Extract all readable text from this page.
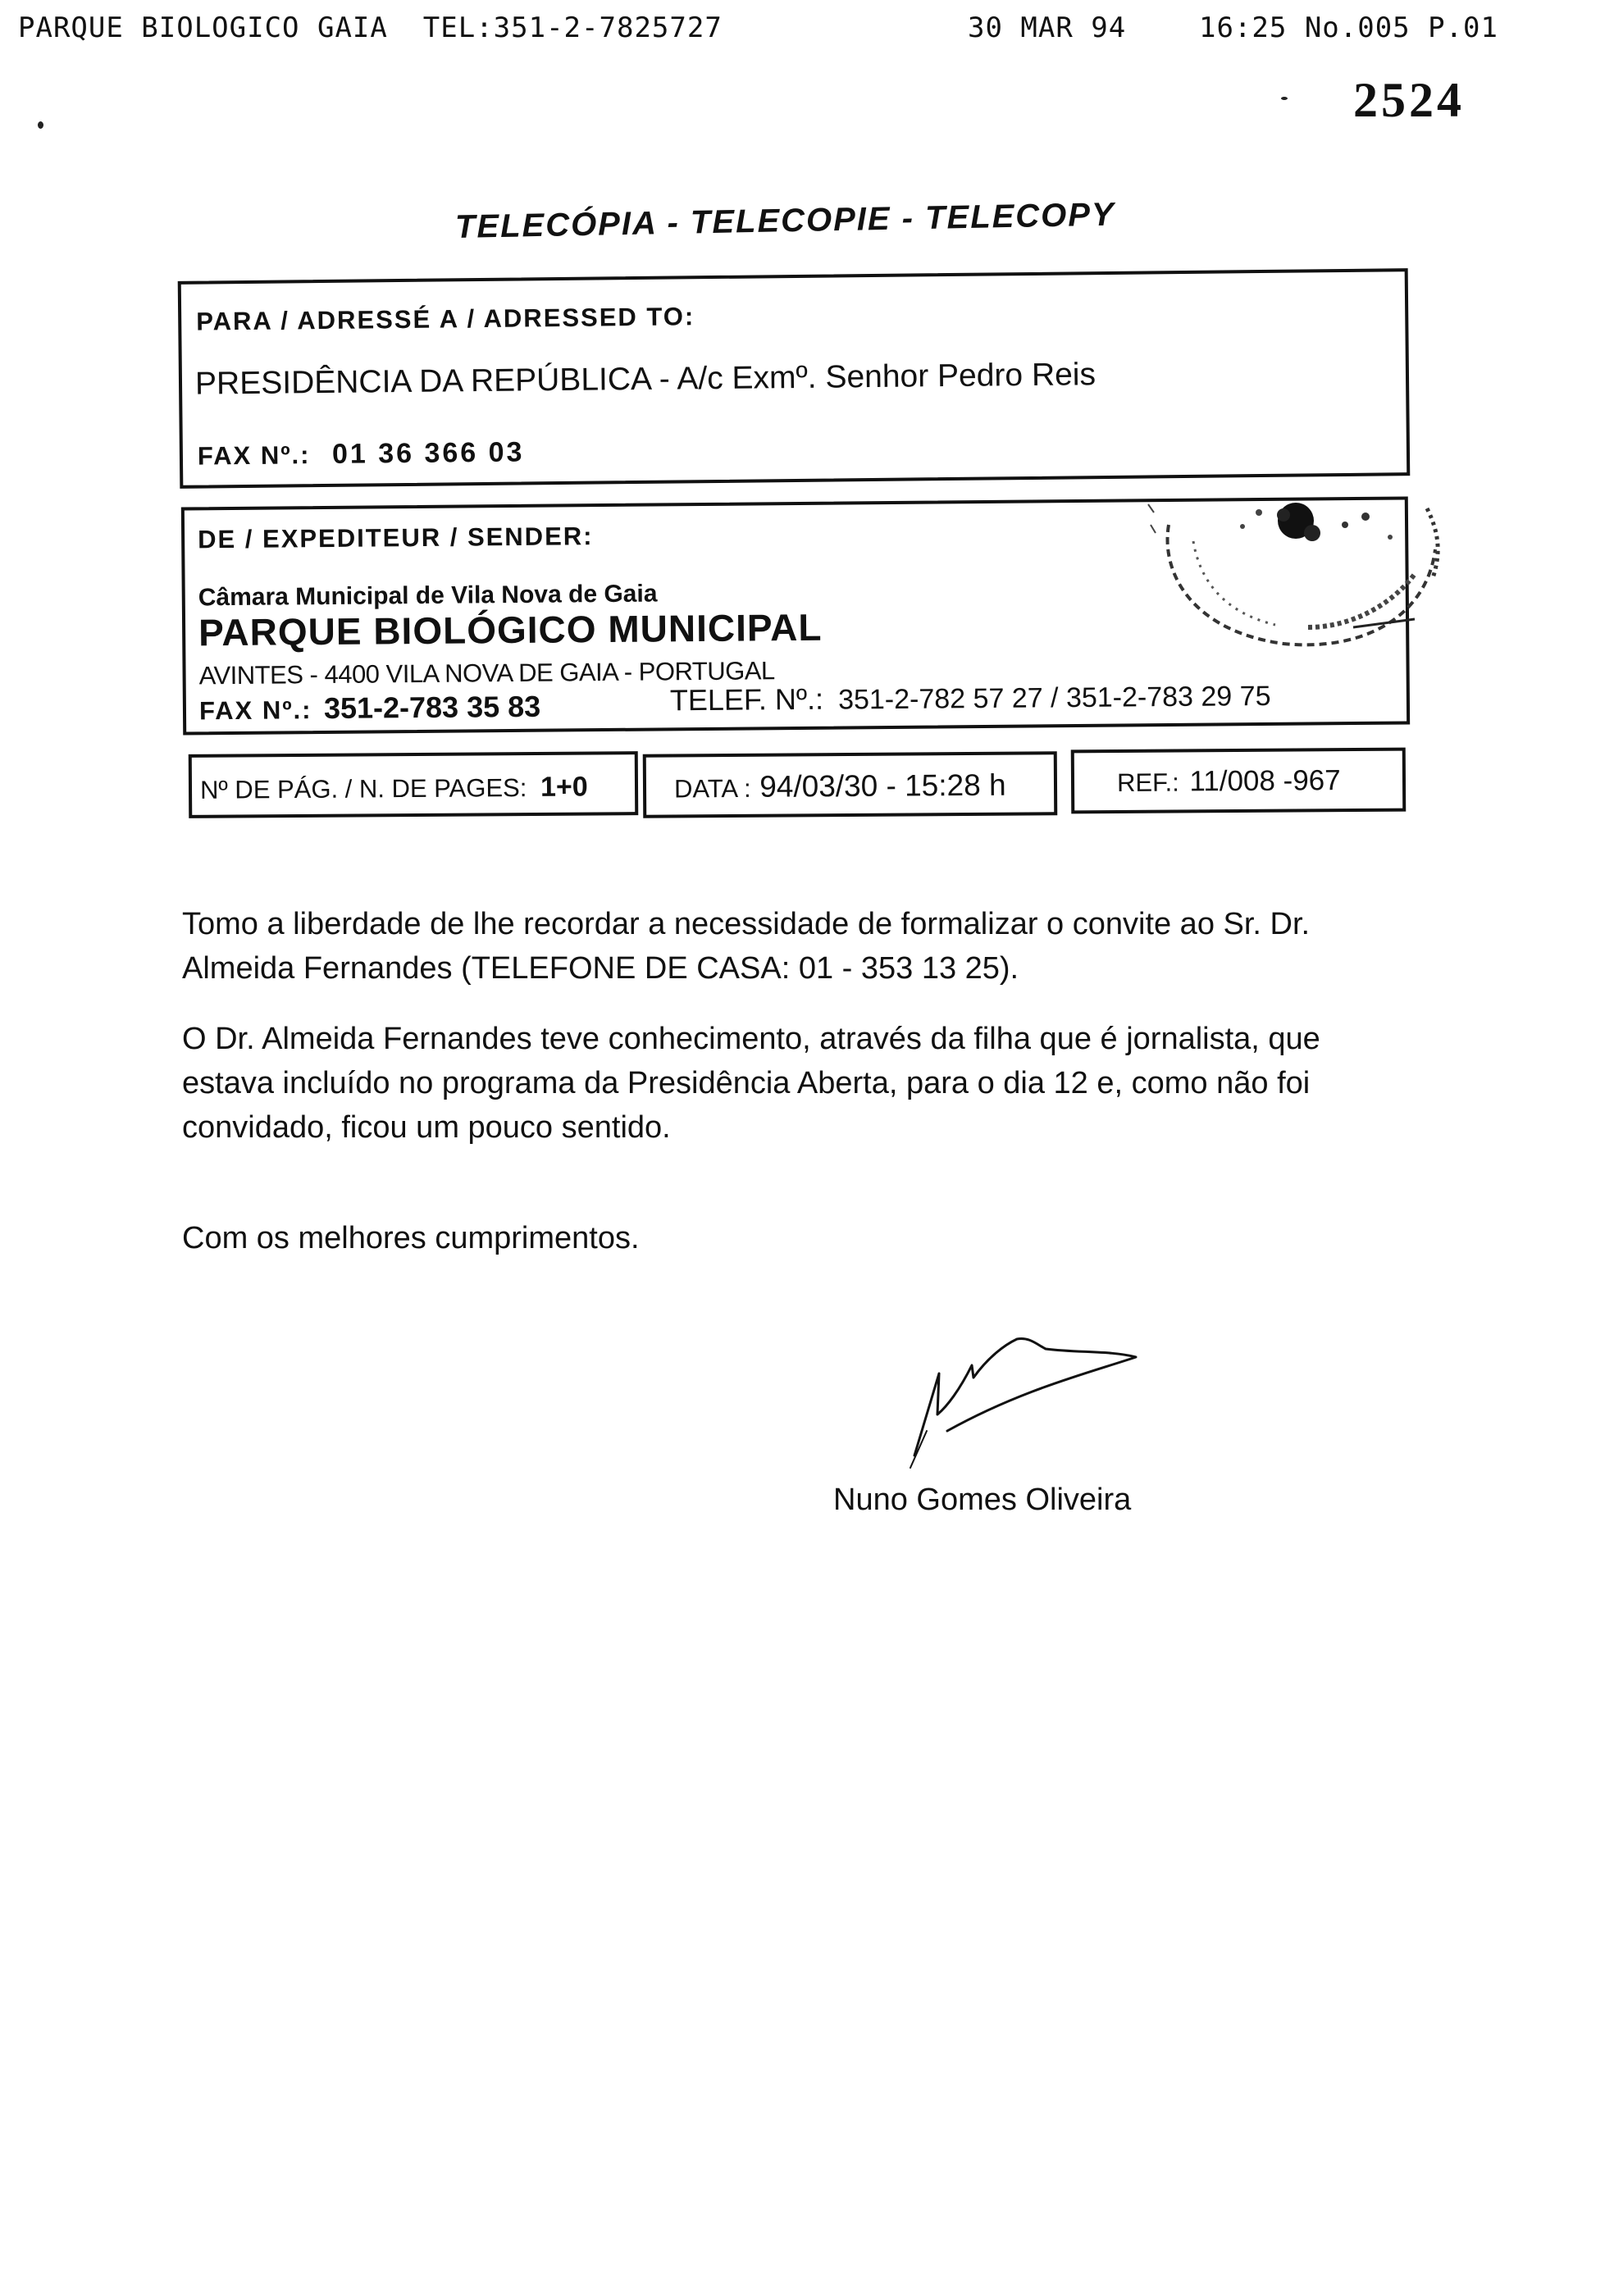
PARQUE BIOLOGICO GAIA  TEL:351-2-7825727	30 MAR 94	16:25 No.005 P.01
2524
TELECÓPIA - TELECOPIE - TELECOPY
PARA / ADRESSÉ A / ADRESSED TO:
PRESIDÊNCIA DA REPÚBLICA - A/c Exmº. Senhor Pedro Reis
FAX Nº.: 01 36 366 03
DE / EXPEDITEUR / SENDER:
Câmara Municipal de Vila Nova de Gaia
PARQUE BIOLÓGICO MUNICIPAL
AVINTES - 4400 VILA NOVA DE GAIA - PORTUGAL
FAX Nº.: 351-2-783 35 83	TELEF. Nº.: 351-2-782 57 27 / 351-2-783 29 75
Nº DE PÁG. / N. DE PAGES: 1+0	DATA : 94/03/30 - 15:28 h	REF.: 11/008 -967
Tomo a liberdade de lhe recordar a necessidade de formalizar o convite ao Sr. Dr. Almeida Fernandes (TELEFONE DE CASA: 01 - 353 13 25).
O Dr. Almeida Fernandes teve conhecimento, através da filha que é jornalista, que estava incluído no programa da Presidência Aberta, para o dia 12 e, como não foi convidado, ficou um pouco sentido.
Com os melhores cumprimentos.
Nuno Gomes Oliveira
